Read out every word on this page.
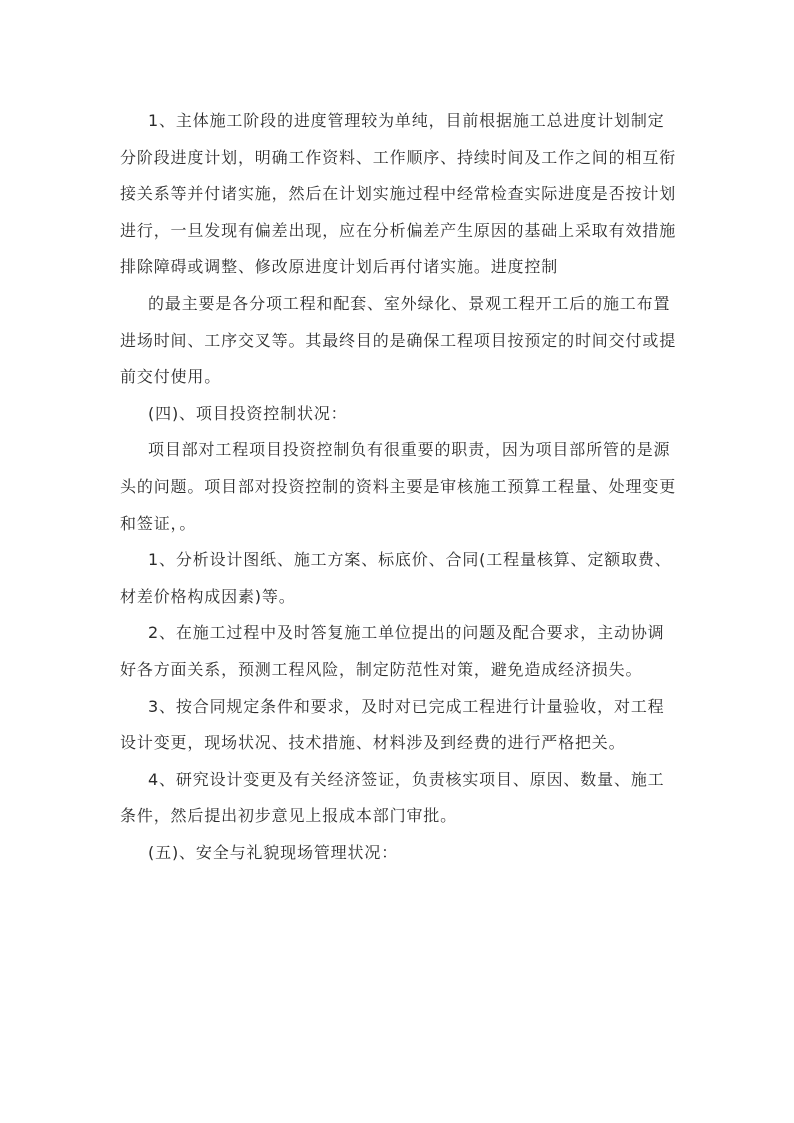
1、主体施工阶段的进度管理较为单纯，目前根据施工总进度计划制定分阶段进度计划，明确工作资料、工作顺序、持续时间及工作之间的相互衔接关系等并付诸实施，然后在计划实施过程中经常检查实际进度是否按计划进行，一旦发现有偏差出现，应在分析偏差产生原因的基础上采取有效措施排除障碍或调整、修改原进度计划后再付诸实施。进度控制

的最主要是各分项工程和配套、室外绿化、景观工程开工后的施工布置进场时间、工序交叉等。其最终目的是确保工程项目按预定的时间交付或提前交付使用。

(四)、项目投资控制状况：

项目部对工程项目投资控制负有很重要的职责，因为项目部所管的是源头的问题。项目部对投资控制的资料主要是审核施工预算工程量、处理变更和签证，。

1、分析设计图纸、施工方案、标底价、合同(工程量核算、定额取费、材差价格构成因素)等。

2、在施工过程中及时答复施工单位提出的问题及配合要求，主动协调好各方面关系，预测工程风险，制定防范性对策，避免造成经济损失。

3、按合同规定条件和要求，及时对已完成工程进行计量验收，对工程设计变更，现场状况、技术措施、材料涉及到经费的进行严格把关。

4、研究设计变更及有关经济签证，负责核实项目、原因、数量、施工条件，然后提出初步意见上报成本部门审批。

(五)、安全与礼貌现场管理状况：
